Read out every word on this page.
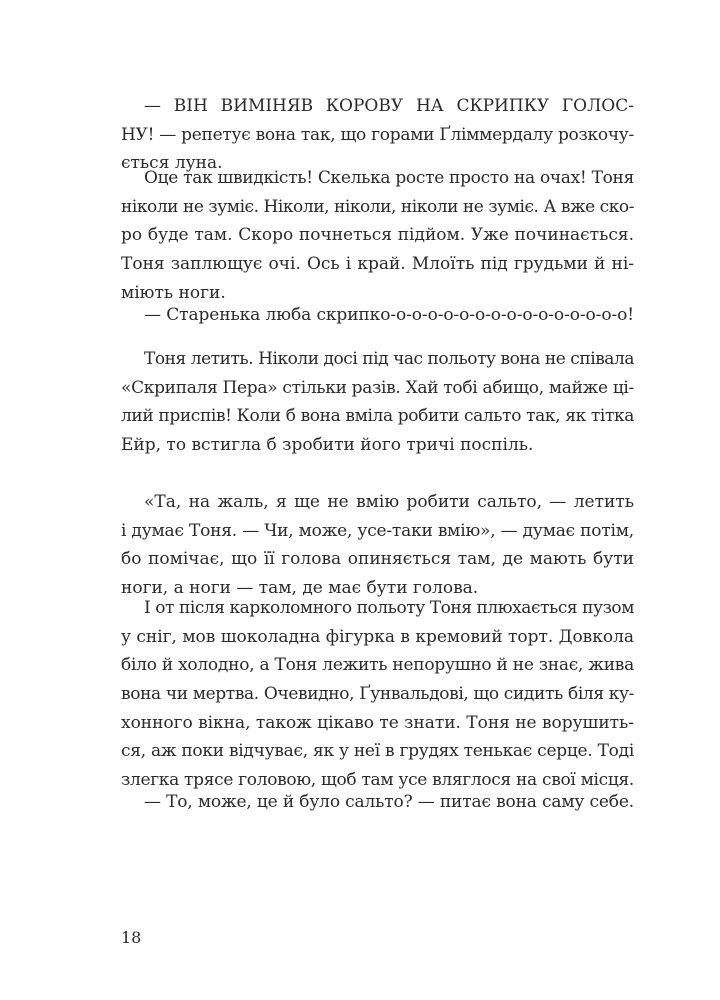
— ВІН ВИМІНЯВ КОРОВУ НА СКРИПКУ ГОЛОС-
НУ! — репетує вона так, що горами Ґліммердалу розкочу-
ється луна.
Оце так швидкість! Скелька росте просто на очах! Тоня
ніколи не зуміє. Ніколи, ніколи, ніколи не зуміє. А вже ско-
ро буде там. Скоро почнеться підйом. Уже починається.
Тоня заплющує очі. Ось і край. Млоїть під грудьми й ні-
міють ноги.
— Старенька люба скрипко-о-о-о-о-о-о-о-о-о-о-о-о-о-о-о!
Тоня летить. Ніколи досі під час польоту вона не співала
«Скрипаля Пера» стільки разів. Хай тобі абищо, майже ці-
лий приспів! Коли б вона вміла робити сальто так, як тітка
Ейр, то встигла б зробити його тричі поспіль.
«Та, на жаль, я ще не вмію робити сальто, — летить
і думає Тоня. — Чи, може, усе-таки вмію», — думає потім,
бо помічає, що її голова опиняється там, де мають бути
ноги, а ноги — там, де має бути голова.
І от після карколомного польоту Тоня плюхається пузом
у сніг, мов шоколадна фігурка в кремовий торт. Довкола
біло й холодно, а Тоня лежить непорушно й не знає, жива
вона чи мертва. Очевидно, Ґунвальдові, що сидить біля ку-
хонного вікна, також цікаво те знати. Тоня не ворушить-
ся, аж поки відчуває, як у неї в грудях тенькає серце. Тоді
злегка трясе головою, щоб там усе вляглося на свої місця.
— То, може, це й було сальто? — питає вона саму себе.
18
